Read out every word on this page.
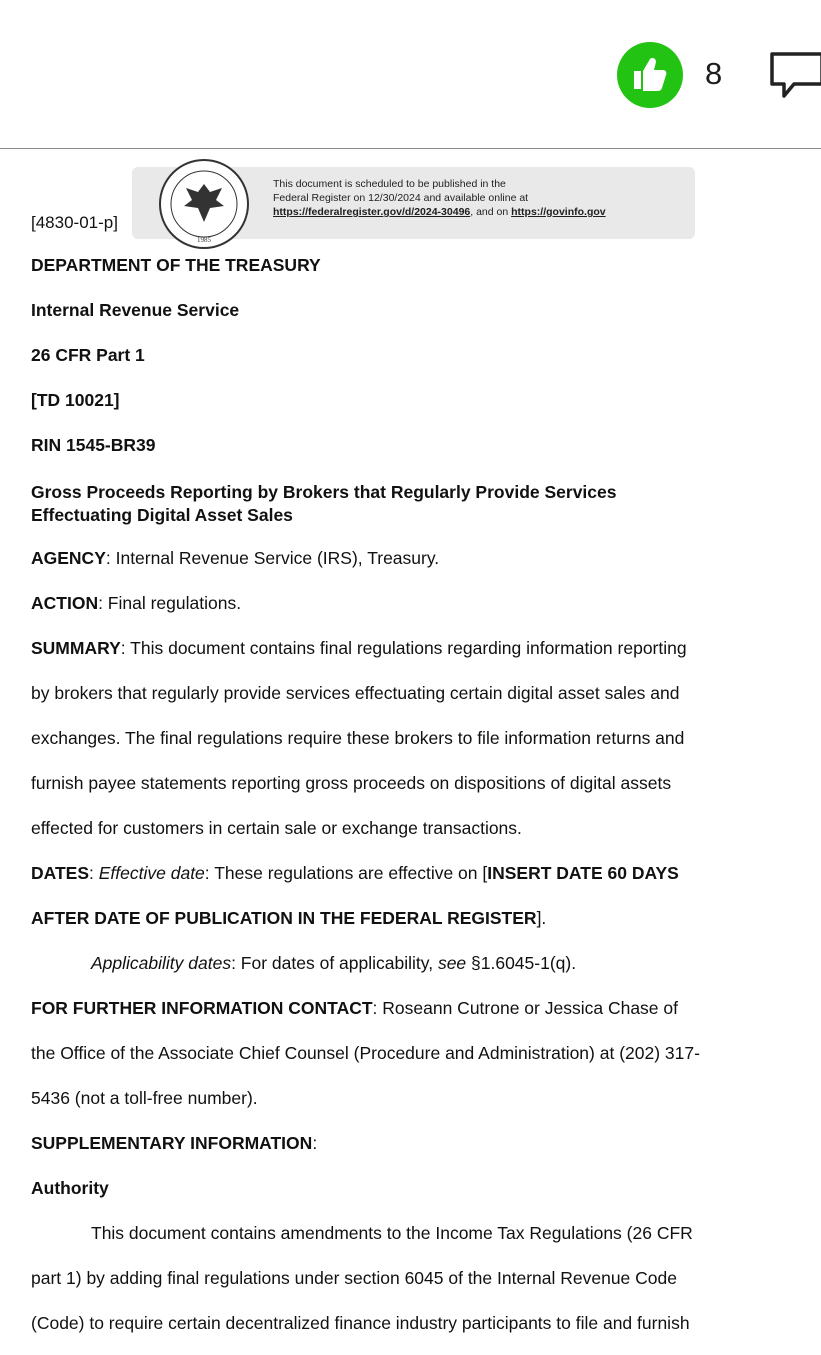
8
1985
This document is scheduled to be published in the
Federal Register on 12/30/2024 and available online at
https://federalregister.gov/d/2024-30496, and on https://govinfo.gov
[4830-01-p]
DEPARTMENT OF THE TREASURY
Internal Revenue Service
26 CFR Part 1
[TD 10021]
RIN 1545-BR39
Gross Proceeds Reporting by Brokers that Regularly Provide Services
Effectuating Digital Asset Sales
AGENCY: Internal Revenue Service (IRS), Treasury.
ACTION: Final regulations.
SUMMARY: This document contains final regulations regarding information reporting
by brokers that regularly provide services effectuating certain digital asset sales and
exchanges. The final regulations require these brokers to file information returns and
furnish payee statements reporting gross proceeds on dispositions of digital assets
effected for customers in certain sale or exchange transactions.
DATES: Effective date: These regulations are effective on [INSERT DATE 60 DAYS
AFTER DATE OF PUBLICATION IN THE FEDERAL REGISTER].
Applicability dates: For dates of applicability, see §1.6045-1(q).
FOR FURTHER INFORMATION CONTACT: Roseann Cutrone or Jessica Chase of
the Office of the Associate Chief Counsel (Procedure and Administration) at (202) 317-
5436 (not a toll-free number).
SUPPLEMENTARY INFORMATION:
Authority
This document contains amendments to the Income Tax Regulations (26 CFR
part 1) by adding final regulations under section 6045 of the Internal Revenue Code
(Code) to require certain decentralized finance industry participants to file and furnish
